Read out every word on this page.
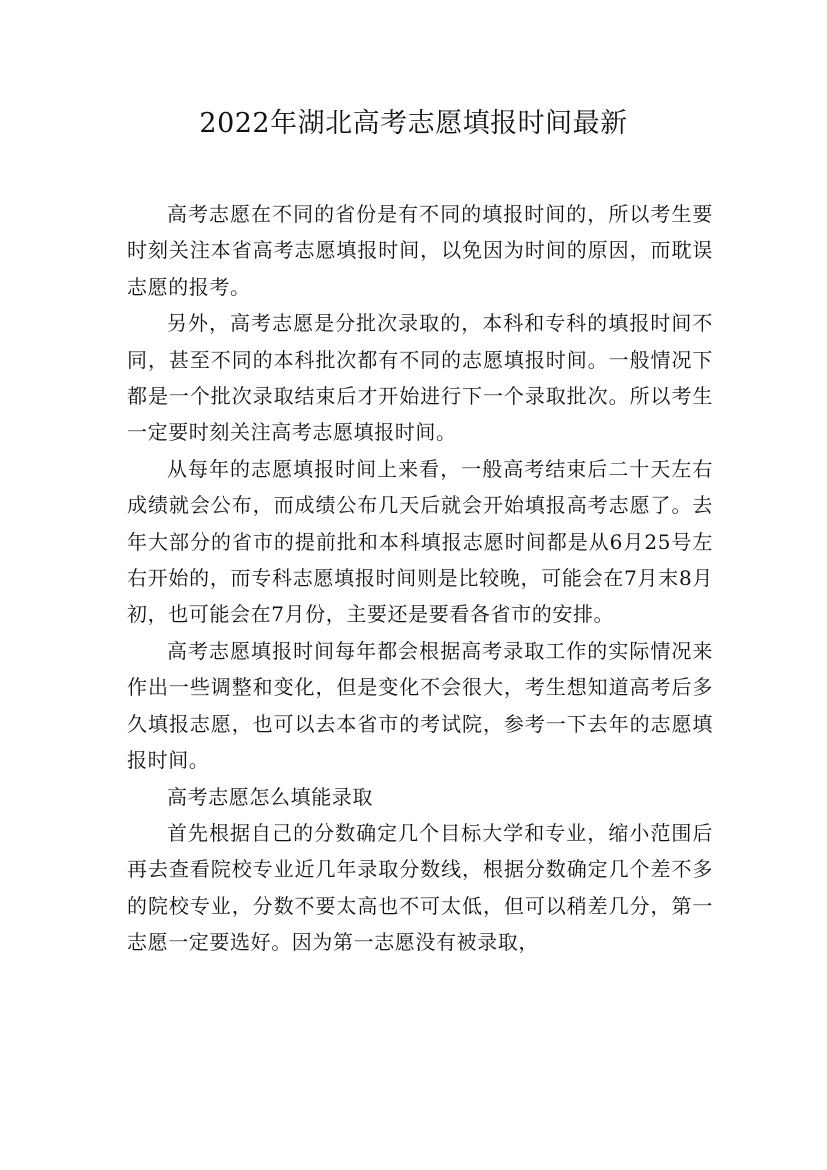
2022年湖北高考志愿填报时间最新

高考志愿在不同的省份是有不同的填报时间的，所以考生要时刻关注本省高考志愿填报时间，以免因为时间的原因，而耽误志愿的报考。

另外，高考志愿是分批次录取的，本科和专科的填报时间不同，甚至不同的本科批次都有不同的志愿填报时间。一般情况下都是一个批次录取结束后才开始进行下一个录取批次。所以考生一定要时刻关注高考志愿填报时间。

从每年的志愿填报时间上来看，一般高考结束后二十天左右成绩就会公布，而成绩公布几天后就会开始填报高考志愿了。去年大部分的省市的提前批和本科填报志愿时间都是从6月25号左右开始的，而专科志愿填报时间则是比较晚，可能会在7月末8月初，也可能会在7月份，主要还是要看各省市的安排。

高考志愿填报时间每年都会根据高考录取工作的实际情况来作出一些调整和变化，但是变化不会很大，考生想知道高考后多久填报志愿，也可以去本省市的考试院，参考一下去年的志愿填报时间。

高考志愿怎么填能录取

首先根据自己的分数确定几个目标大学和专业，缩小范围后再去查看院校专业近几年录取分数线，根据分数确定几个差不多的院校专业，分数不要太高也不可太低，但可以稍差几分，第一志愿一定要选好。因为第一志愿没有被录取，
